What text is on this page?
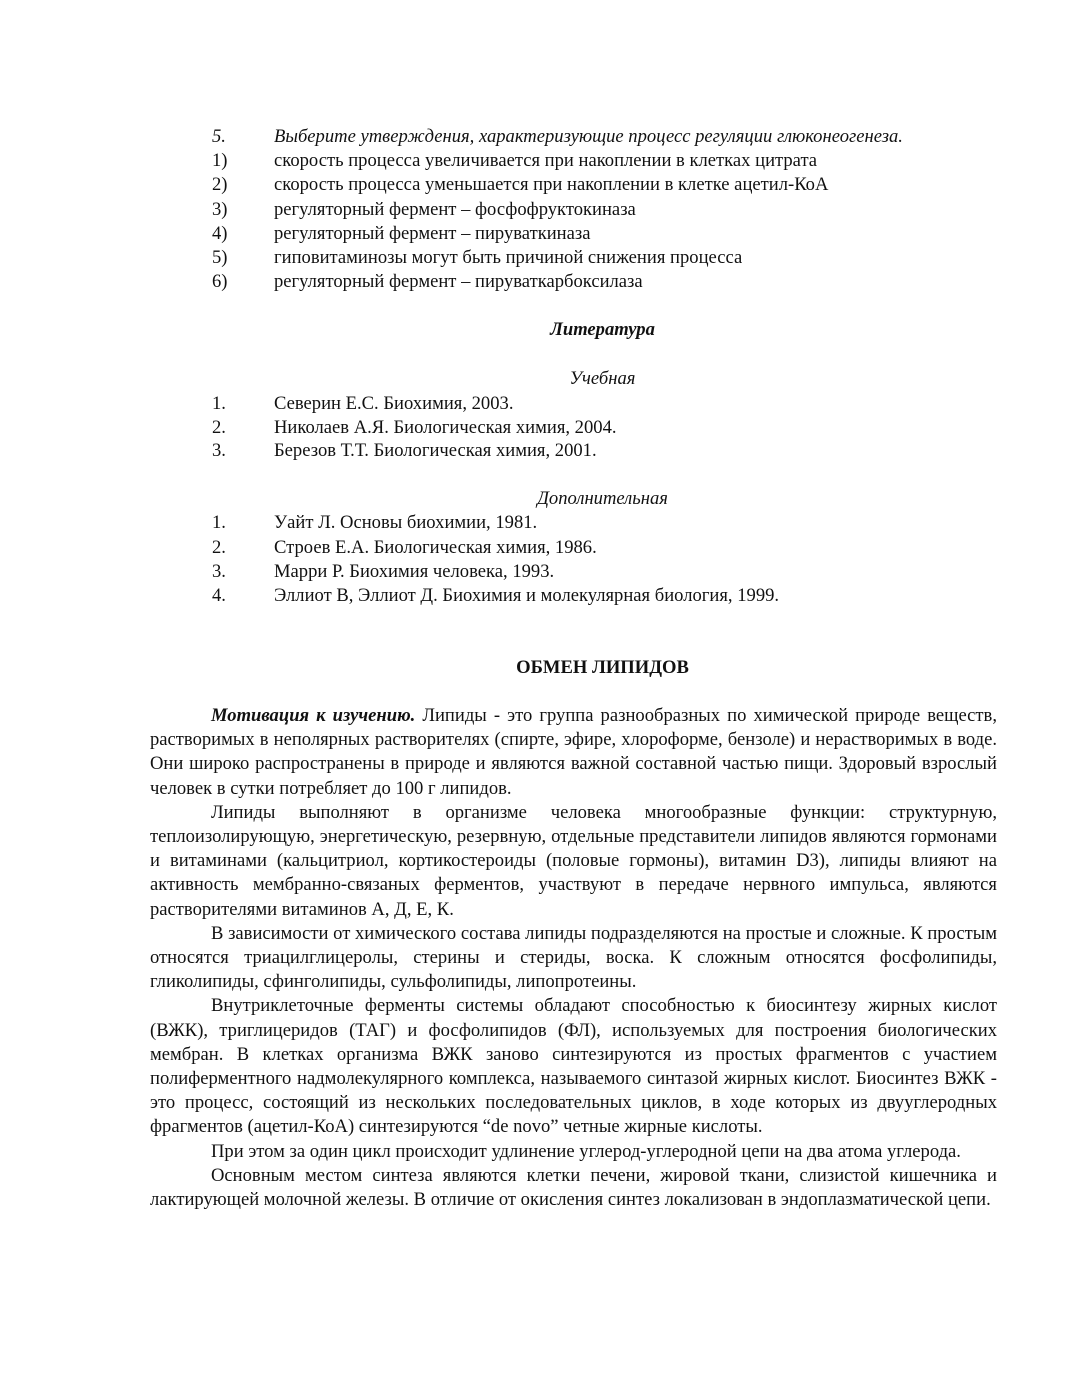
5.	Выберите утверждения, характеризующие процесс регуляции глюконеогенеза.
1)	скорость процесса увеличивается при накоплении в клетках цитрата
2)	скорость процесса уменьшается при накоплении в клетке ацетил-КоА
3)	регуляторный фермент – фосфофруктокиназа
4)	регуляторный фермент – пируваткиназа
5)	гиповитаминозы могут быть причиной снижения процесса
6)	регуляторный фермент – пируваткарбоксилаза
Литература
Учебная
1.	Северин Е.С. Биохимия, 2003.
2.	Николаев А.Я. Биологическая химия, 2004.
3.	Березов Т.Т. Биологическая химия, 2001.
Дополнительная
1.	Уайт Л. Основы биохимии, 1981.
2.	Строев Е.А. Биологическая химия, 1986.
3.	Марри Р. Биохимия человека, 1993.
4.	Эллиот В, Эллиот Д. Биохимия и молекулярная биология, 1999.
ОБМЕН ЛИПИДОВ

Мотивация к изучению. Липиды - это группа разнообразных по химической природе веществ, растворимых в неполярных растворителях (спирте, эфире, хлороформе, бензоле) и нерастворимых в воде. Они широко распространены в природе и являются важной составной частью пищи. Здоровый взрослый человек в сутки потребляет до 100 г липидов.

Липиды выполняют в организме человека многообразные функции: структурную, теплоизолирующую, энергетическую, резервную, отдельные представители липидов являются гормонами и витаминами (кальцитриол, кортикостероиды (половые гормоны), витамин D3), липиды влияют на активность мембранно-связаных ферментов, участвуют в передаче нервного импульса, являются растворителями витаминов А, Д, Е, К.

В зависимости от химического состава липиды подразделяются на простые и сложные. К простым относятся триацилглицеролы, стерины и стериды, воска. К сложным относятся фосфолипиды, гликолипиды, сфинголипиды, сульфолипиды, липопротеины.

Внутриклеточные ферменты системы обладают способностью к биосинтезу жирных кислот (ВЖК), триглицеридов (ТАГ) и фосфолипидов (ФЛ), используемых для построения биологических мембран. В клетках организма ВЖК заново синтезируются из простых фрагментов с участием полиферментного надмолекулярного комплекса, называемого синтазой жирных кислот. Биосинтез ВЖК - это процесс, состоящий из нескольких последовательных циклов, в ходе которых из двууглеродных фрагментов (ацетил-КоА) синтезируются “de novo” четные жирные кислоты.

При этом за один цикл происходит удлинение углерод-углеродной цепи на два атома углерода.

Основным местом синтеза являются клетки печени, жировой ткани, слизистой кишечника и лактирующей молочной железы. В отличие от окисления синтез локализован в эндоплазматической цепи.
